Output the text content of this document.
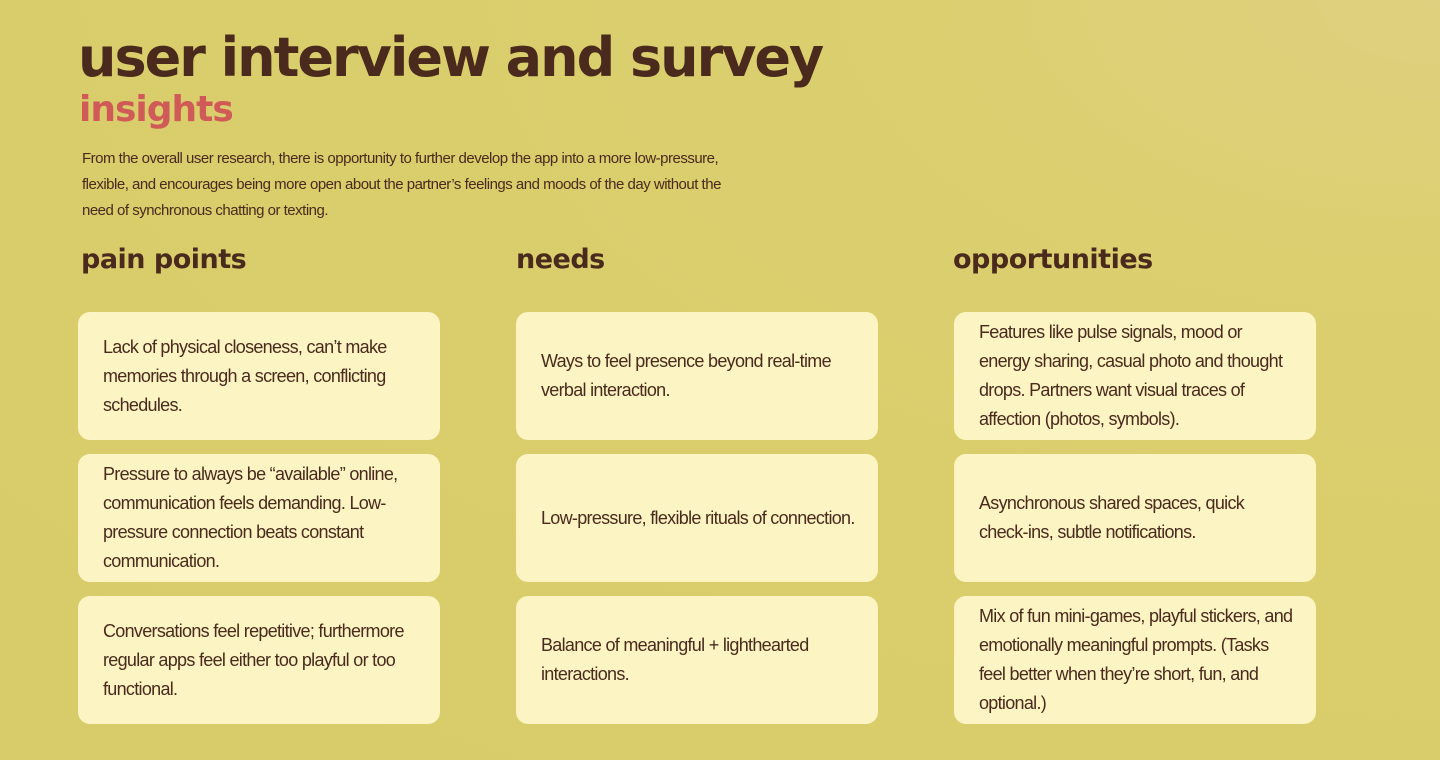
user interview and survey
insights

From the overall user research, there is opportunity to further develop the app into a more low-pressure, flexible, and encourages being more open about the partner’s feelings and moods of the day without the need of synchronous chatting or texting.

pain points
Lack of physical closeness, can’t make memories through a screen, conflicting schedules.
Pressure to always be “available” online, communication feels demanding. Low-pressure connection beats constant communication.
Conversations feel repetitive; furthermore regular apps feel either too playful or too functional.
needs
Ways to feel presence beyond real-time verbal interaction.
Low-pressure, flexible rituals of connection.
Balance of meaningful + lighthearted interactions.
opportunities
Features like pulse signals, mood or energy sharing, casual photo and thought drops. Partners want visual traces of affection (photos, symbols).
Asynchronous shared spaces, quick check-ins, subtle notifications.
Mix of fun mini-games, playful stickers, and emotionally meaningful prompts. (Tasks feel better when they’re short, fun, and optional.)
